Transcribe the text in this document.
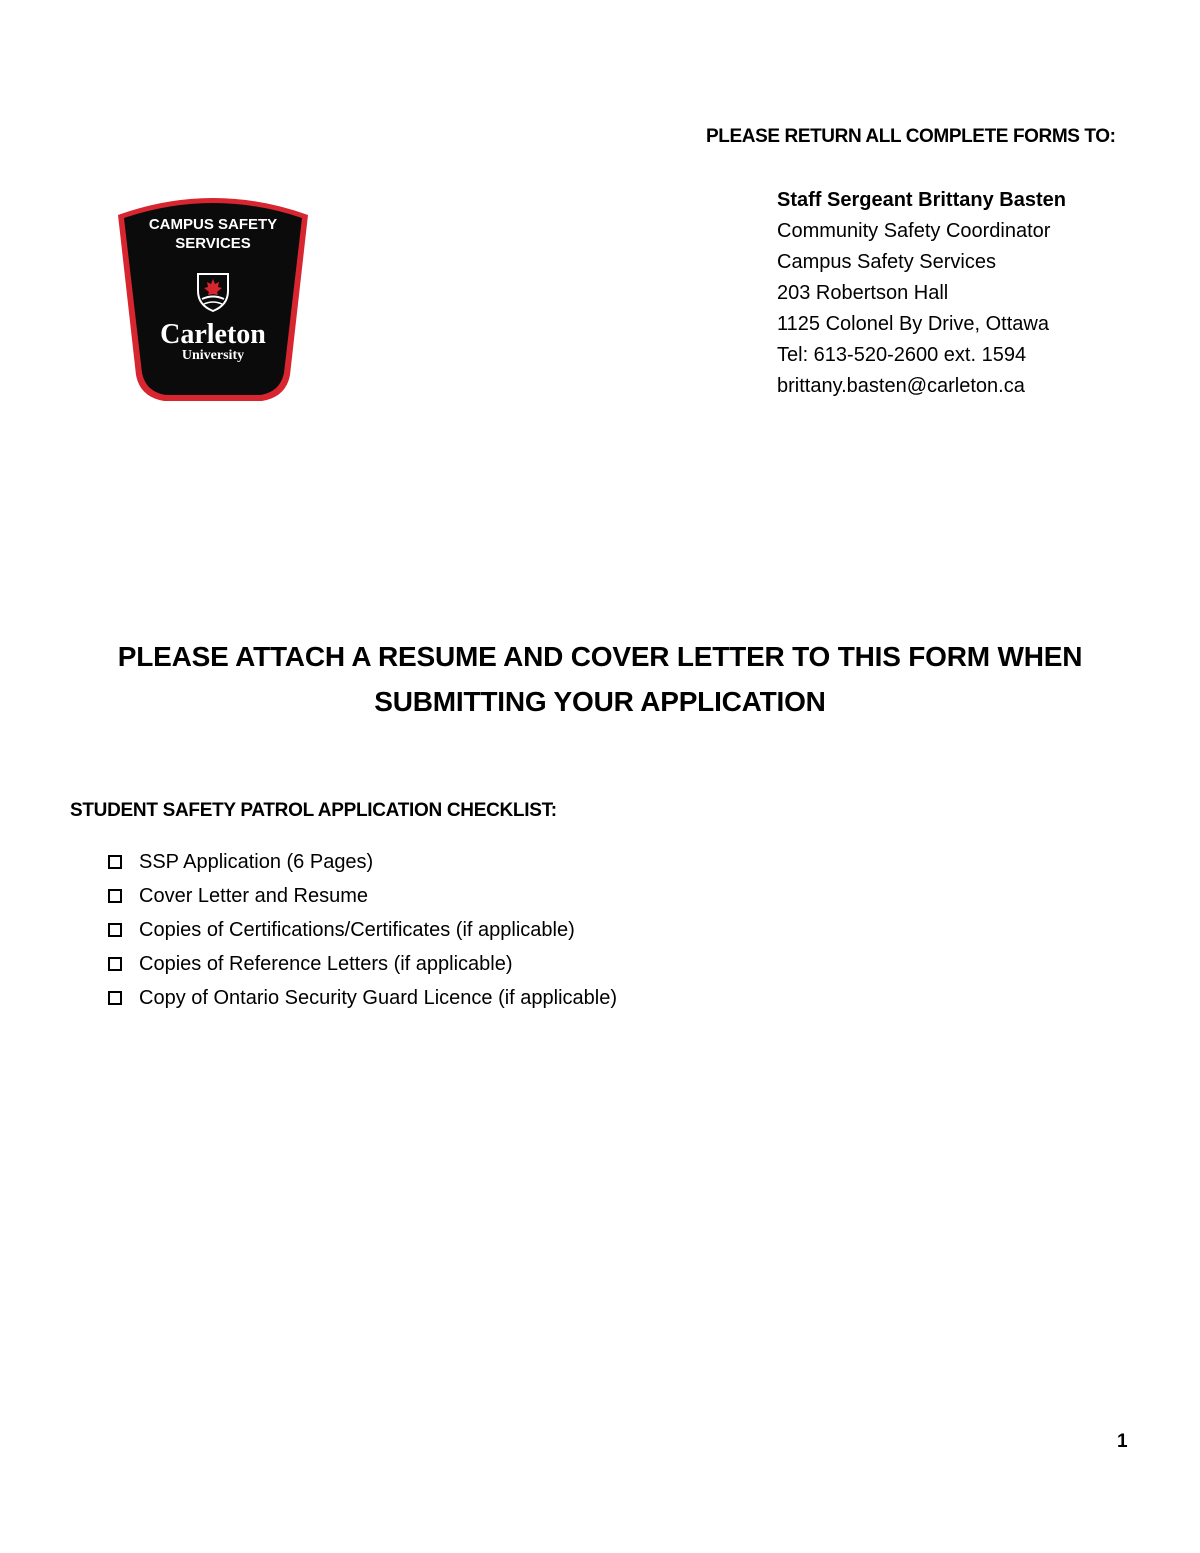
PLEASE RETURN ALL COMPLETE FORMS TO:
Staff Sergeant Brittany Basten
Community Safety Coordinator
Campus Safety Services
203 Robertson Hall
1125 Colonel By Drive, Ottawa
Tel: 613-520-2600 ext. 1594
brittany.basten@carleton.ca
CAMPUS SAFETY
SERVICES
Carleton
University
PLEASE ATTACH A RESUME AND COVER LETTER TO THIS FORM WHEN
SUBMITTING YOUR APPLICATION
STUDENT SAFETY PATROL APPLICATION CHECKLIST:
SSP Application (6 Pages)
Cover Letter and Resume
Copies of Certifications/Certificates (if applicable)
Copies of Reference Letters (if applicable)
Copy of Ontario Security Guard Licence (if applicable)
1
